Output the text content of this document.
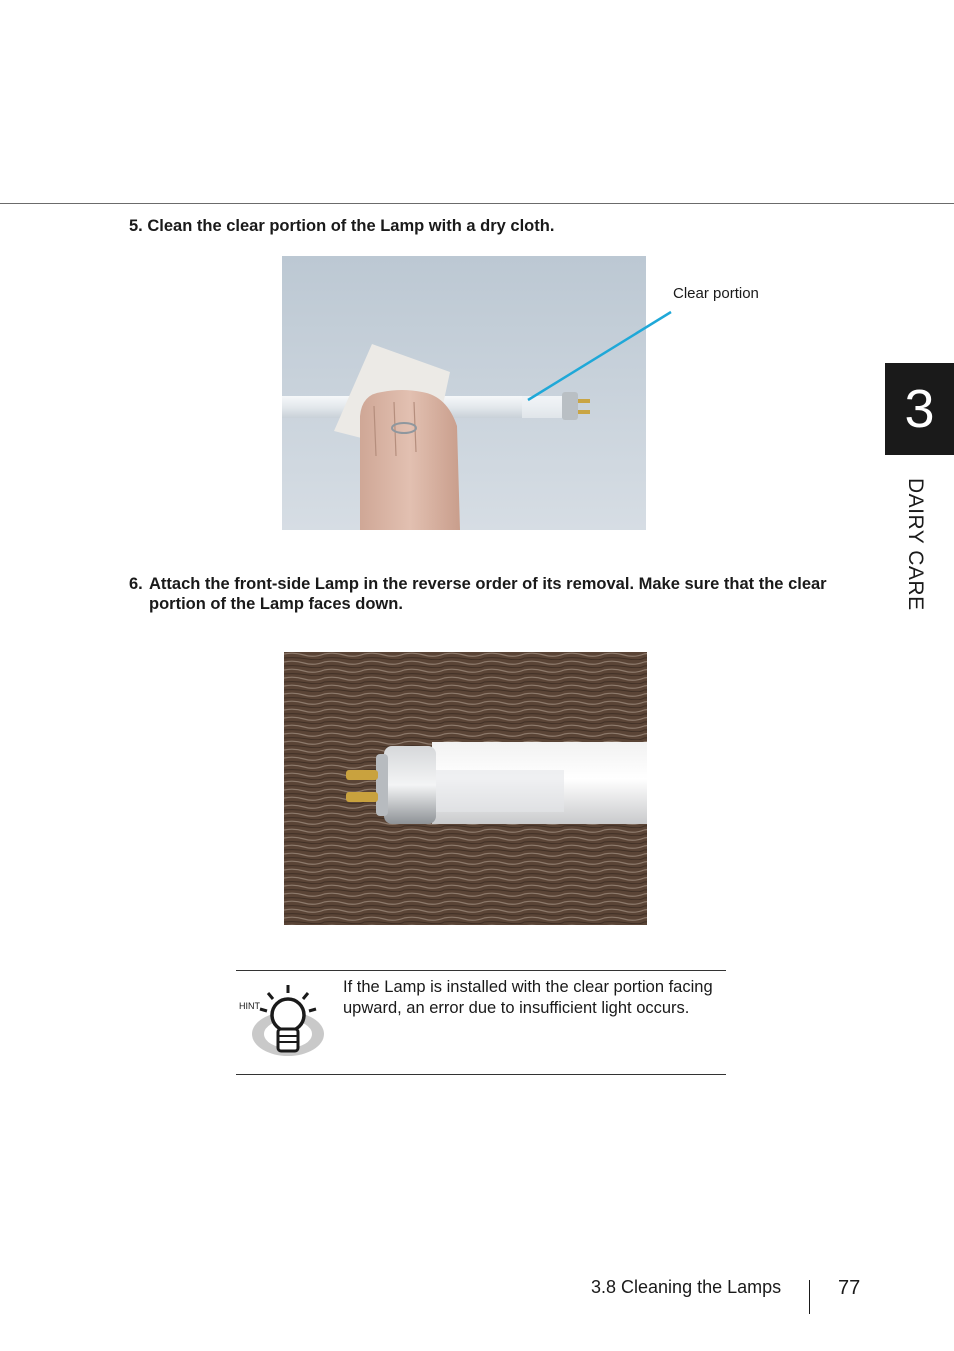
5. Clean the clear portion of the Lamp with a dry cloth.
Clear portion
6. Attach the front-side Lamp in the reverse order of its removal. Make sure that the clear portion of the Lamp faces down.
HINT
If the Lamp is installed with the clear portion facing upward, an error due to insufficient light occurs.
3
DAIRY CARE
3.8 Cleaning the Lamps	77
